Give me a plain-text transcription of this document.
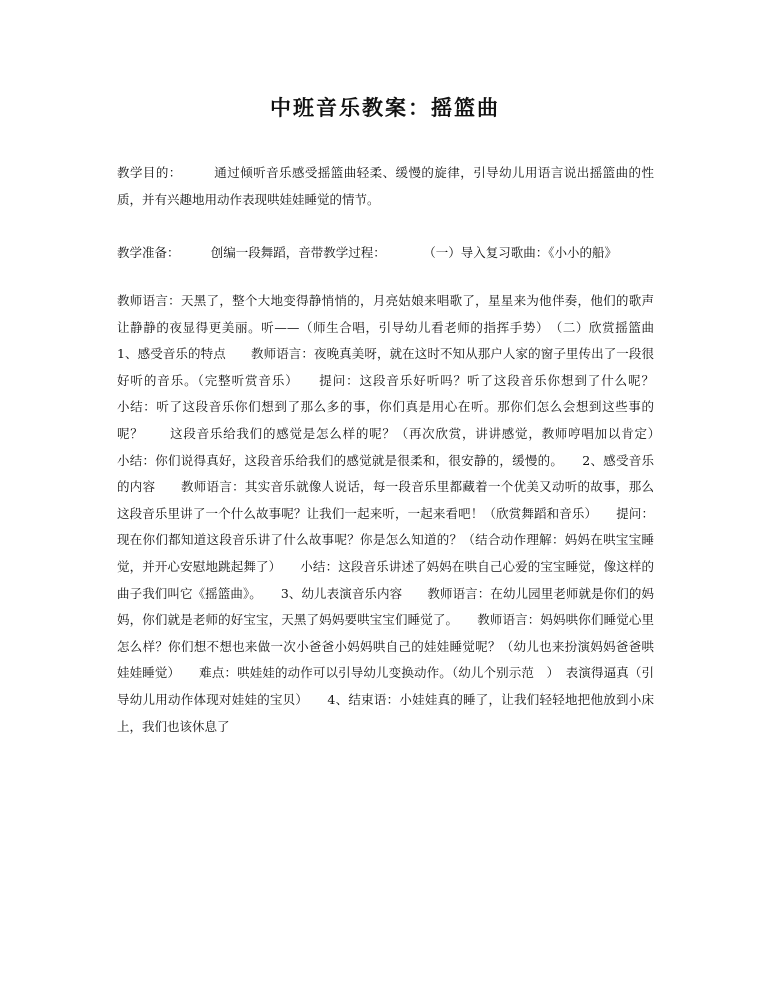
中班音乐教案：摇篮曲

教学目的：　　　通过倾听音乐感受摇篮曲轻柔、缓慢的旋律，引导幼儿用语言说出摇篮曲的性质，并有兴趣地用动作表现哄娃娃睡觉的情节。

教学准备：　　　创编一段舞蹈，音带教学过程：　　　　（一）导入复习歌曲：《小小的船》

教师语言：天黑了，整个大地变得静悄悄的，月亮姑娘来唱歌了，星星来为他伴奏，他们的歌声让静静的夜显得更美丽。听——（师生合唱，引导幼儿看老师的指挥手势）　（二）欣赏摇篮曲　　1、感受音乐的特点　　教师语言：夜晚真美呀，就在这时不知从那户人家的窗子里传出了一段很好听的音乐。（完整听赏音乐）　　提问：这段音乐好听吗？听了这段音乐你想到了什么呢？　　　小结：听了这段音乐你们想到了那么多的事，你们真是用心在听。那你们怎么会想到这些事的呢？　　这段音乐给我们的感觉是怎么样的呢？（再次欣赏，讲讲感觉，教师哼唱加以肯定）　　小结：你们说得真好，这段音乐给我们的感觉就是很柔和，很安静的，缓慢的。　　2、感受音乐的内容　　教师语言：其实音乐就像人说话，每一段音乐里都藏着一个优美又动听的故事，那么这段音乐里讲了一个什么故事呢？让我们一起来听，一起来看吧！（欣赏舞蹈和音乐）　　提问：现在你们都知道这段音乐讲了什么故事呢？你是怎么知道的？（结合动作理解：妈妈在哄宝宝睡觉，并开心安慰地跳起舞了）　　小结：这段音乐讲述了妈妈在哄自己心爱的宝宝睡觉，像这样的曲子我们叫它《摇篮曲》。　　3、幼儿表演音乐内容　　教师语言：在幼儿园里老师就是你们的妈妈，你们就是老师的好宝宝，天黑了妈妈要哄宝宝们睡觉了。　　教师语言：妈妈哄你们睡觉心里怎么样？你们想不想也来做一次小爸爸小妈妈哄自己的娃娃睡觉呢？（幼儿也来扮演妈妈爸爸哄娃娃睡觉）　　难点：哄娃娃的动作可以引导幼儿变换动作。（幼儿个别示范　）　表演得逼真（引导幼儿用动作体现对娃娃的宝贝）　　4、结束语：小娃娃真的睡了，让我们轻轻地把他放到小床上，我们也该休息了
